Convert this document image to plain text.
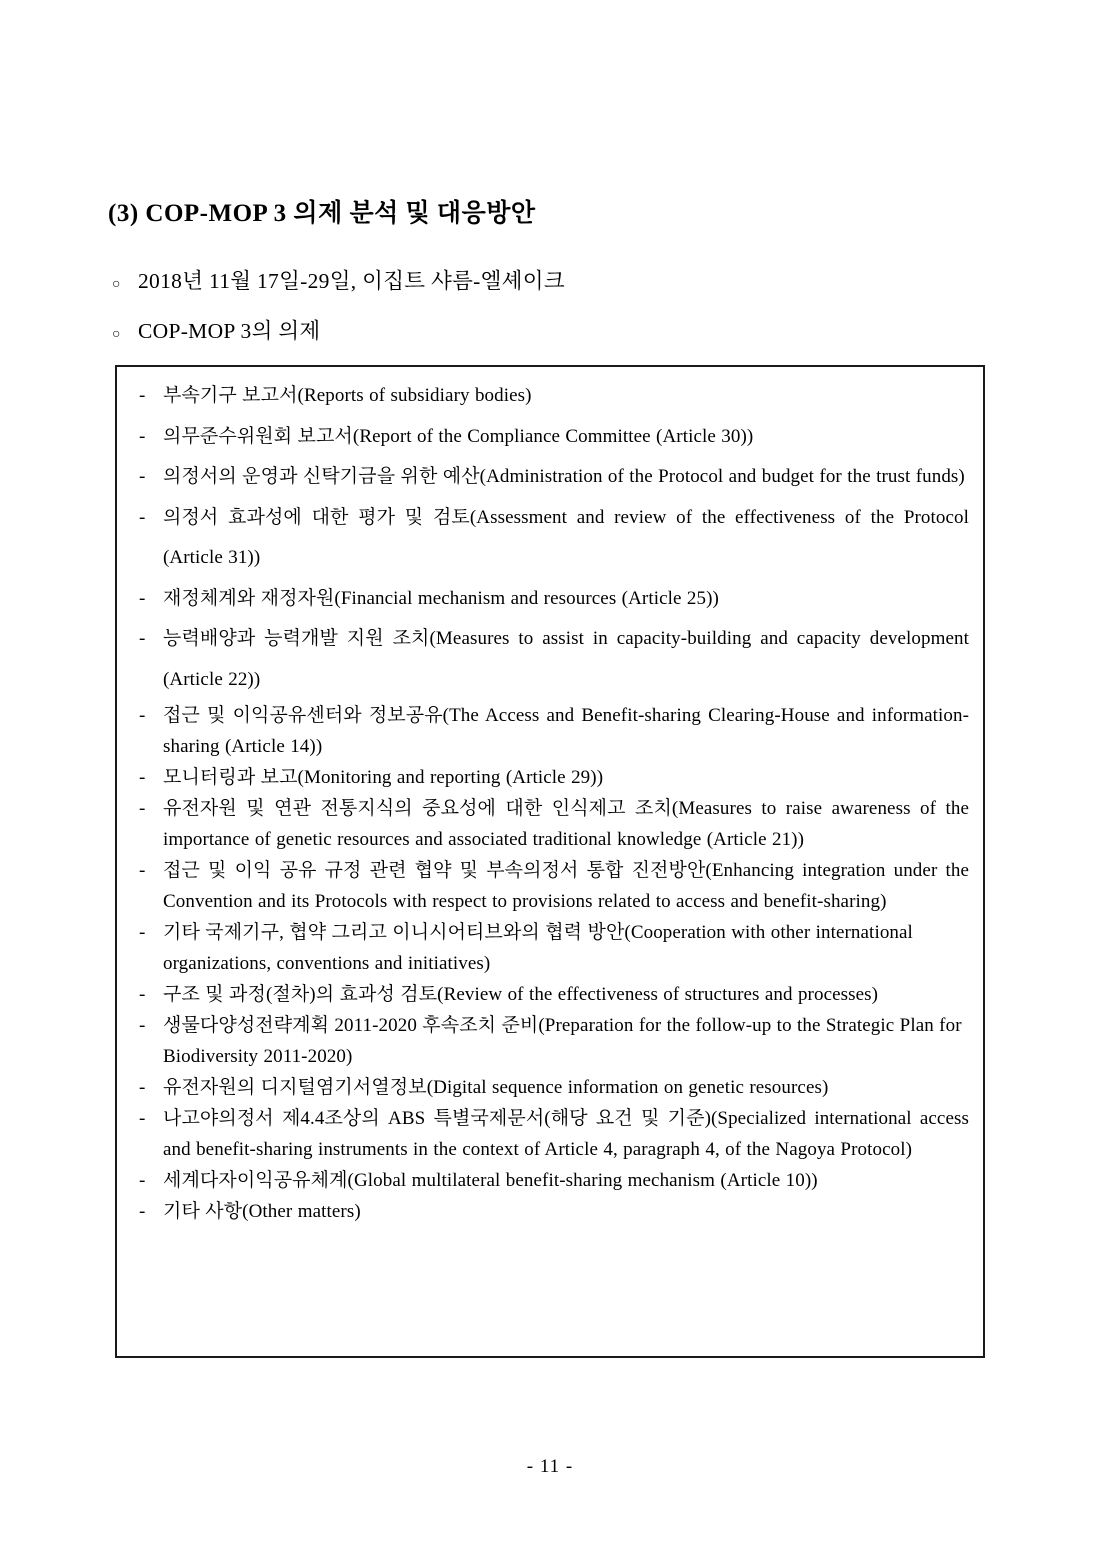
(3) COP-MOP 3 의제 분석 및 대응방안
○ 2018년 11월 17일-29일, 이집트 샤름-엘셰이크
○ COP-MOP 3의 의제
- 부속기구 보고서(Reports of subsidiary bodies)
- 의무준수위원회 보고서(Report of the Compliance Committee (Article 30))
- 의정서의 운영과 신탁기금을 위한 예산(Administration of the Protocol and budget for the trust funds)
- 의정서 효과성에 대한 평가 및 검토(Assessment and review of the effectiveness of the Protocol (Article 31))
- 재정체계와 재정자원(Financial mechanism and resources (Article 25))
- 능력배양과 능력개발 지원 조치(Measures to assist in capacity-building and capacity development (Article 22))
- 접근 및 이익공유센터와 정보공유(The Access and Benefit-sharing Clearing-House and information-sharing (Article 14))
- 모니터링과 보고(Monitoring and reporting (Article 29))
- 유전자원 및 연관 전통지식의 중요성에 대한 인식제고 조치(Measures to raise awareness of the importance of genetic resources and associated traditional knowledge (Article 21))
- 접근 및 이익 공유 규정 관련 협약 및 부속의정서 통합 진전방안(Enhancing integration under the Convention and its Protocols with respect to provisions related to access and benefit-sharing)
- 기타 국제기구, 협약 그리고 이니시어티브와의 협력 방안(Cooperation with other international organizations, conventions and initiatives)
- 구조 및 과정(절차)의 효과성 검토(Review of the effectiveness of structures and processes)
- 생물다양성전략계획 2011-2020 후속조치 준비(Preparation for the follow-up to the Strategic Plan for Biodiversity 2011-2020)
- 유전자원의 디지털염기서열정보(Digital sequence information on genetic resources)
- 나고야의정서 제4.4조상의 ABS 특별국제문서(해당 요건 및 기준)(Specialized international access and benefit-sharing instruments in the context of Article 4, paragraph 4, of the Nagoya Protocol)
- 세계다자이익공유체계(Global multilateral benefit-sharing mechanism (Article 10))
- 기타 사항(Other matters)
- 11 -
